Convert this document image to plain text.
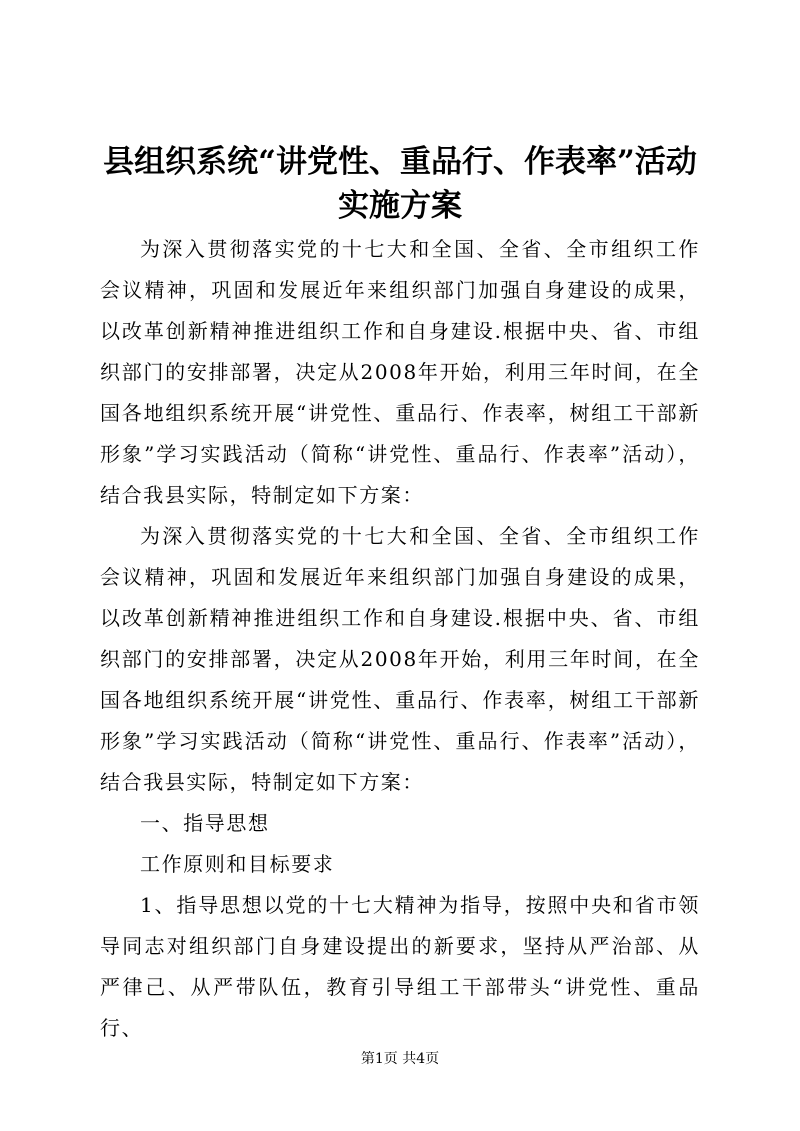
县组织系统“讲党性、重品行、作表率”活动
实施方案

为深入贯彻落实党的十七大和全国、全省、全市组织工作会议精神，巩固和发展近年来组织部门加强自身建设的成果，以改革创新精神推进组织工作和自身建设.根据中央、省、市组织部门的安排部署，决定从2008年开始，利用三年时间，在全国各地组织系统开展“讲党性、重品行、作表率，树组工干部新形象”学习实践活动（简称“讲党性、重品行、作表率”活动），结合我县实际，特制定如下方案：

为深入贯彻落实党的十七大和全国、全省、全市组织工作会议精神，巩固和发展近年来组织部门加强自身建设的成果，以改革创新精神推进组织工作和自身建设.根据中央、省、市组织部门的安排部署，决定从2008年开始，利用三年时间，在全国各地组织系统开展“讲党性、重品行、作表率，树组工干部新形象”学习实践活动（简称“讲党性、重品行、作表率”活动），结合我县实际，特制定如下方案：

一、指导思想

工作原则和目标要求

1、指导思想以党的十七大精神为指导，按照中央和省市领导同志对组织部门自身建设提出的新要求，坚持从严治部、从严律己、从严带队伍，教育引导组工干部带头“讲党性、重品行、

第1页 共4页
